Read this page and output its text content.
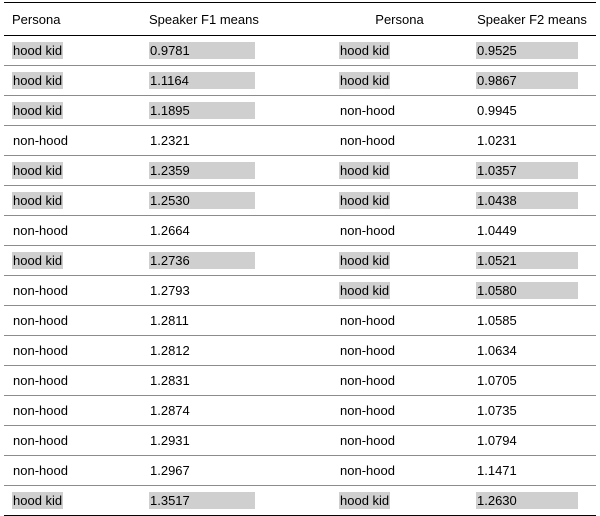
Persona	Speaker F1 means	Persona	Speaker F2 means
hood kid	0.9781	hood kid	0.9525
hood kid	1.1164	hood kid	0.9867
hood kid	1.1895	non-hood	0.9945
non-hood	1.2321	non-hood	1.0231
hood kid	1.2359	hood kid	1.0357
hood kid	1.2530	hood kid	1.0438
non-hood	1.2664	non-hood	1.0449
hood kid	1.2736	hood kid	1.0521
non-hood	1.2793	hood kid	1.0580
non-hood	1.2811	non-hood	1.0585
non-hood	1.2812	non-hood	1.0634
non-hood	1.2831	non-hood	1.0705
non-hood	1.2874	non-hood	1.0735
non-hood	1.2931	non-hood	1.0794
non-hood	1.2967	non-hood	1.1471
hood kid	1.3517	hood kid	1.2630
